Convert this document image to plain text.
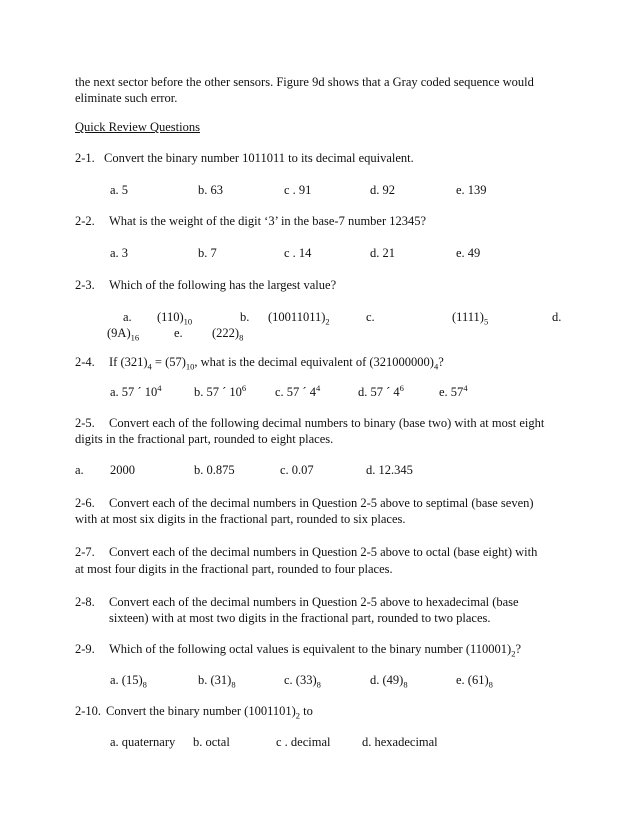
the next sector before the other sensors. Figure 9d shows that a Gray coded sequence would
eliminate such error.
Quick Review Questions
2-1. Convert the binary number 1011011 to its decimal equivalent.
a. 5	b. 63	c . 91	d. 92	e. 139
2-2. What is the weight of the digit ‘3’ in the base-7 number 12345?
a. 3	b. 7	c . 14	d. 21	e. 49
2-3. Which of the following has the largest value?
a. $(110)_{10}$	b. $(10011011)_2$	c.	$(1111)_5$	d.
$(9A)_{16}$	e. $(222)_8$
2-4. If $(321)_4 = (57)_{10}$, what is the decimal equivalent of $(321000000)_4$?
a. 57 ´ $10^4$	b. 57 ´ $10^6$ c. 57 ´ $4^4$	d. 57 ´ $4^6$	e. $57^4$
2-5. Convert each of the following decimal numbers to binary (base two) with at most eight
digits in the fractional part, rounded to eight places.
a. 2000	b. 0.875	c. 0.07	d. 12.345
2-6. Convert each of the decimal numbers in Question 2-5 above to septimal (base seven)
with at most six digits in the fractional part, rounded to six places.
2-7. Convert each of the decimal numbers in Question 2-5 above to octal (base eight) with
at most four digits in the fractional part, rounded to four places.
2-8. Convert each of the decimal numbers in Question 2-5 above to hexadecimal (base
sixteen) with at most two digits in the fractional part, rounded to two places.
2-9. Which of the following octal values is equivalent to the binary number $(110001)_2$?
a. $(15)_8$	b. $(31)_8$	c. $(33)_8$	d. $(49)_8$	e. $(61)_8$
2-10. Convert the binary number $(1001101)_2$ to
a. quaternary b. octal	c . decimal	d. hexadecimal
